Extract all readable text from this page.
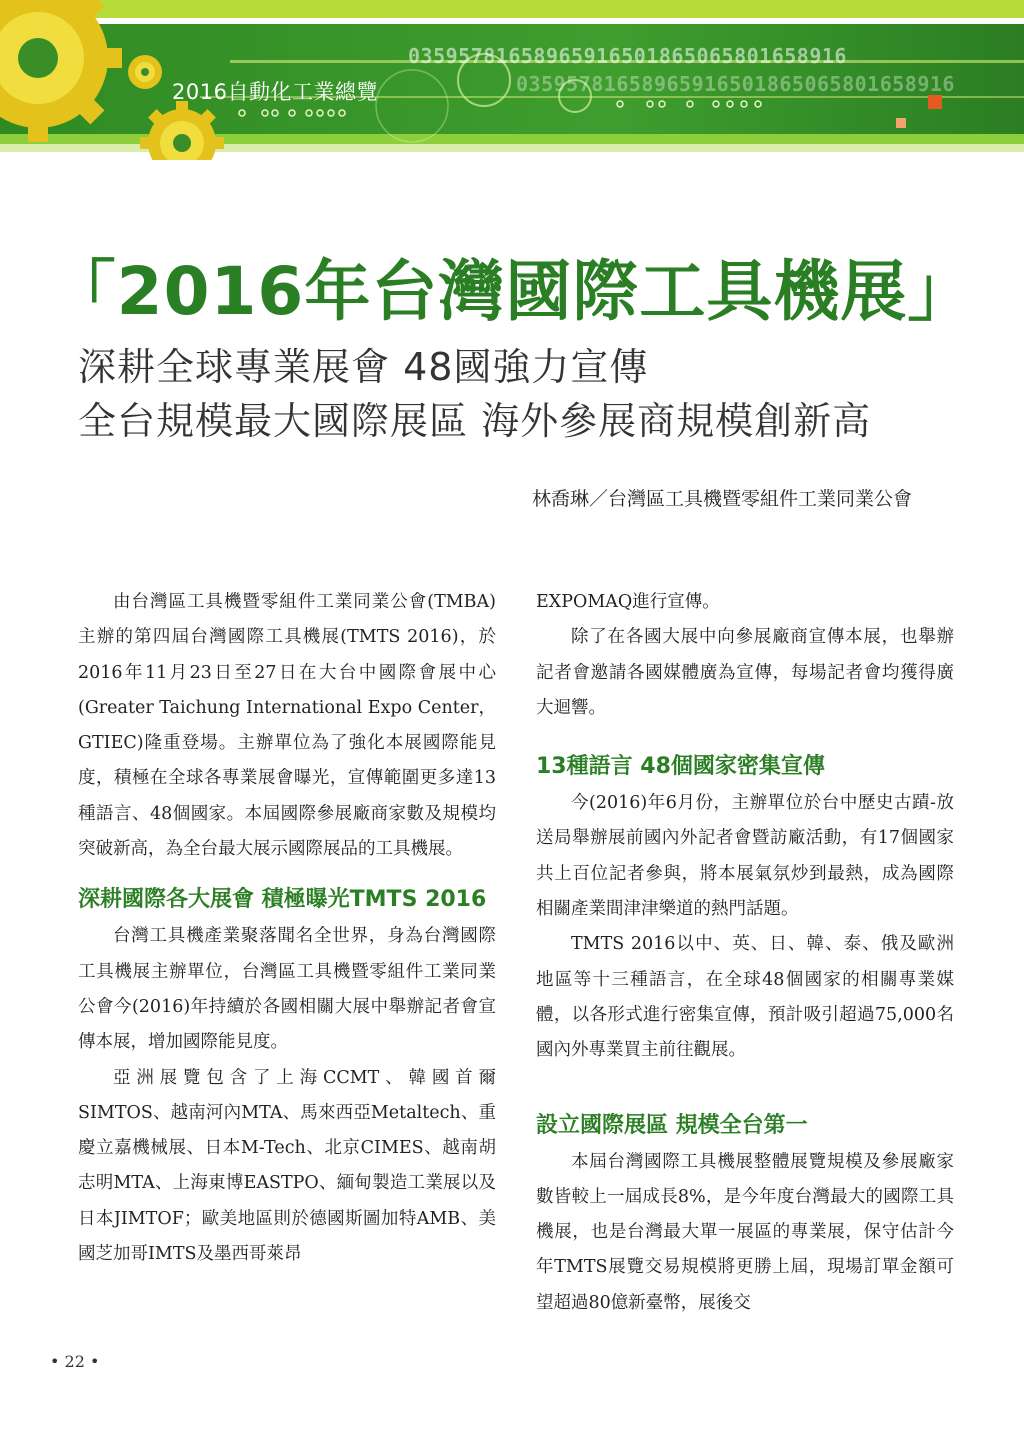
03595781658965916501865065801658916
03595781658965916501865065801658916
2016自動化工業總覽
「2016年台灣國際工具機展」
深耕全球專業展會 48國強力宣傳
全台規模最大國際展區 海外參展商規模創新高
林喬琳／台灣區工具機暨零組件工業同業公會

由台灣區工具機暨零組件工業同業公會(TMBA)主辦的第四屆台灣國際工具機展(TMTS 2016)，於2016年11月23日至27日在大台中國際會展中心(Greater Taichung International Expo Center，GTIEC)隆重登場。主辦單位為了強化本展國際能見度，積極在全球各專業展會曝光，宣傳範圍更多達13種語言、48個國家。本屆國際參展廠商家數及規模均突破新高，為全台最大展示國際展品的工具機展。

深耕國際各大展會 積極曝光TMTS 2016

台灣工具機產業聚落聞名全世界，身為台灣國際工具機展主辦單位，台灣區工具機暨零組件工業同業公會今(2016)年持續於各國相關大展中舉辦記者會宣傳本展，增加國際能見度。

亞洲展覽包含了上海CCMT、韓國首爾SIMTOS、越南河內MTA、馬來西亞Metaltech、重慶立嘉機械展、日本M-Tech、北京CIMES、越南胡志明MTA、上海東博EASTPO、緬甸製造工業展以及日本JIMTOF；歐美地區則於德國斯圖加特AMB、美國芝加哥IMTS及墨西哥萊昂

EXPOMAQ進行宣傳。

除了在各國大展中向參展廠商宣傳本展，也舉辦記者會邀請各國媒體廣為宣傳，每場記者會均獲得廣大迴響。

13種語言 48個國家密集宣傳

今(2016)年6月份，主辦單位於台中歷史古蹟-放送局舉辦展前國內外記者會暨訪廠活動，有17個國家共上百位記者參與，將本展氣氛炒到最熱，成為國際相關產業間津津樂道的熱門話題。

TMTS 2016以中、英、日、韓、泰、俄及歐洲地區等十三種語言，在全球48個國家的相關專業媒體，以各形式進行密集宣傳，預計吸引超過75,000名國內外專業買主前往觀展。

設立國際展區 規模全台第一

本屆台灣國際工具機展整體展覽規模及參展廠家數皆較上一屆成長8%，是今年度台灣最大的國際工具機展，也是台灣最大單一展區的專業展，保守估計今年TMTS展覽交易規模將更勝上屆，現場訂單金額可望超過80億新臺幣，展後交

• 22 •
